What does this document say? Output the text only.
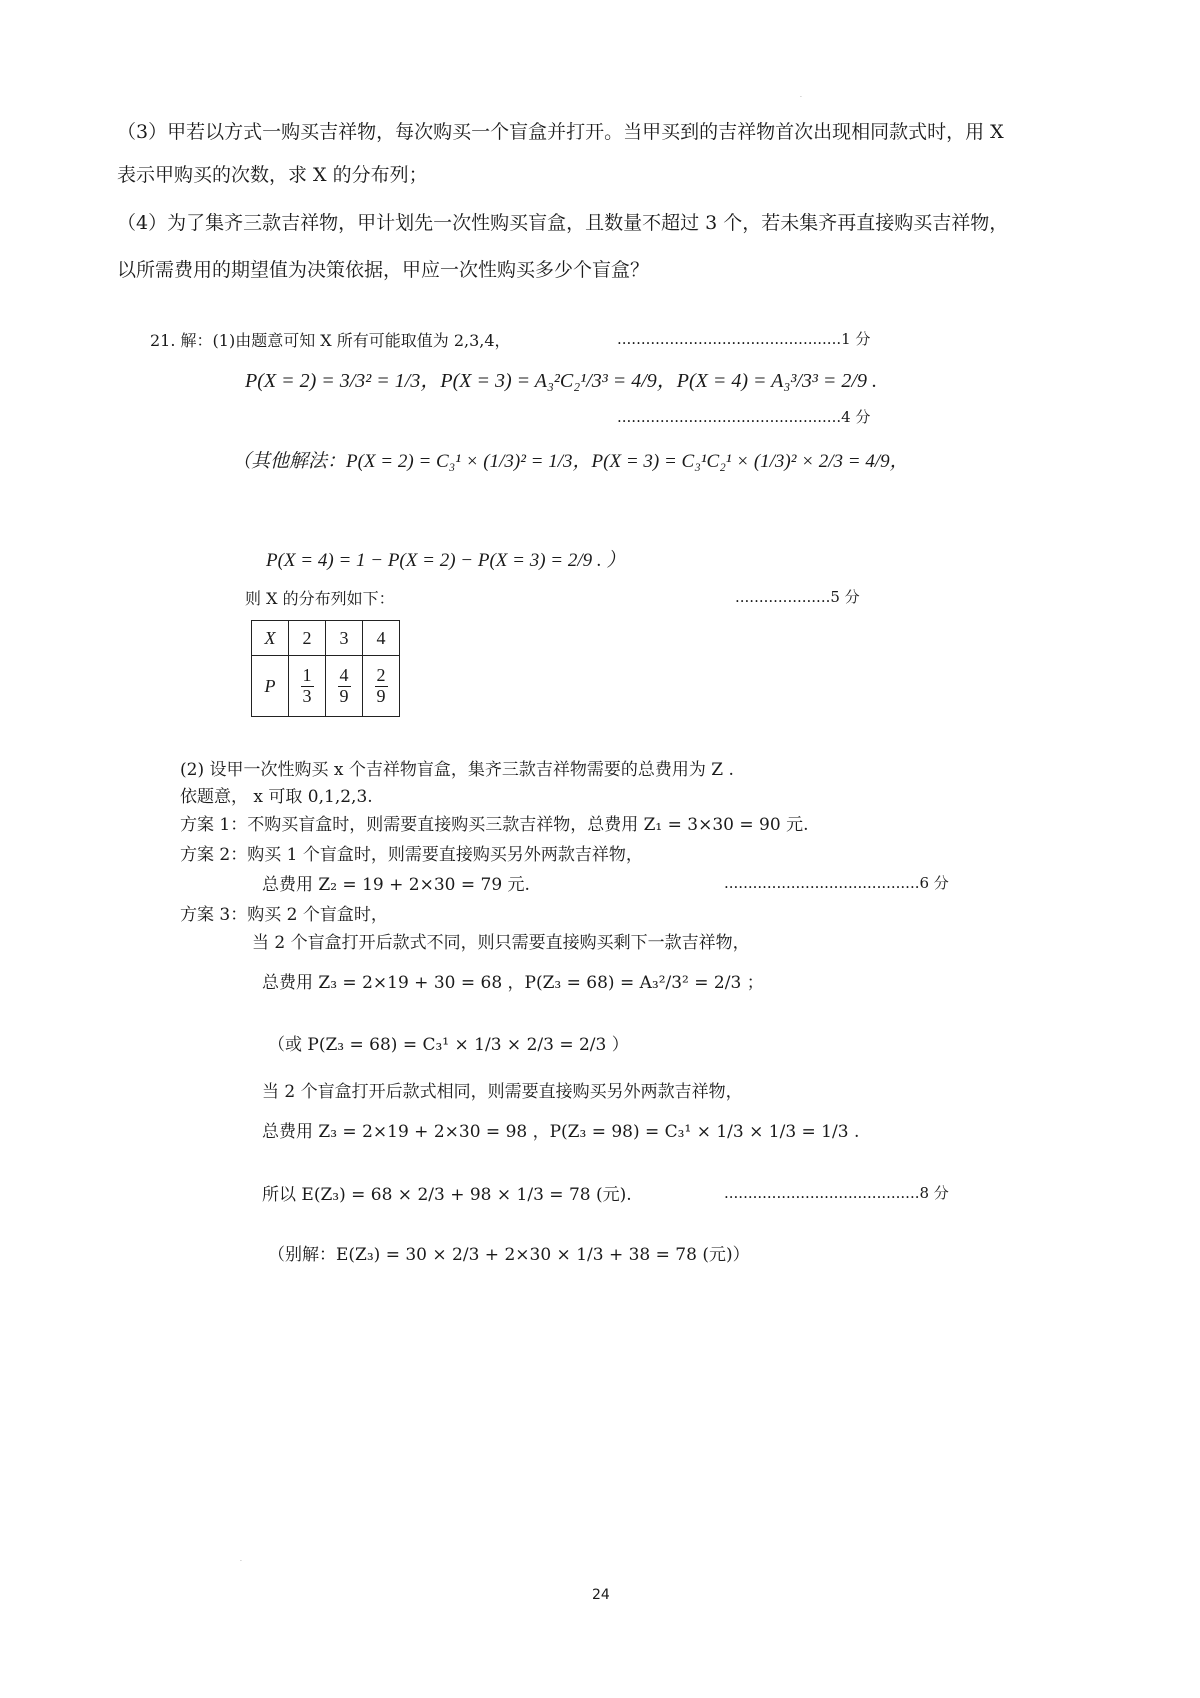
·
·
（3）甲若以方式一购买吉祥物，每次购买一个盲盒并打开。当甲买到的吉祥物首次出现相同款式时，用 X
表示甲购买的次数，求 X 的分布列；
（4）为了集齐三款吉祥物，甲计划先一次性购买盲盒，且数量不超过 3 个，若未集齐再直接购买吉祥物，
以所需费用的期望值为决策依据，甲应一次性购买多少个盲盒？
21. 解：(1)由题意可知 X 所有可能取值为 2,3,4，	...............................................1 分
P(X = 2) = 3/3² = 1/3，P(X = 3) = A₃²C₂¹/3³ = 4/9，P(X = 4) = A₃³/3³ = 2/9 .
...............................................4 分
（其他解法：P(X = 2) = C₃¹ × (1/3)² = 1/3，P(X = 3) = C₃¹C₂¹ × (1/3)² × 2/3 = 4/9，
P(X = 4) = 1 − P(X = 2) − P(X = 3) = 2/9 . ）
则 X 的分布列如下：	....................5 分
X	2	3	4
P	$\frac{1}{3}$	$\frac{4}{9}$	$\frac{2}{9}$
(2) 设甲一次性购买 x 个吉祥物盲盒，集齐三款吉祥物需要的总费用为 Z .
依题意， x 可取 0,1,2,3.
方案 1：不购买盲盒时，则需要直接购买三款吉祥物，总费用 Z₁ = 3×30 = 90 元.
方案 2：购买 1 个盲盒时，则需要直接购买另外两款吉祥物，
总费用 Z₂ = 19 + 2×30 = 79 元.	.........................................6 分
方案 3：购买 2 个盲盒时，
当 2 个盲盒打开后款式不同，则只需要直接购买剩下一款吉祥物，
总费用 Z₃ = 2×19 + 30 = 68 ，P(Z₃ = 68) = A₃²/3² = 2/3 ；
（或 P(Z₃ = 68) = C₃¹ × 1/3 × 2/3 = 2/3 ）
当 2 个盲盒打开后款式相同，则需要直接购买另外两款吉祥物，
总费用 Z₃ = 2×19 + 2×30 = 98 ，P(Z₃ = 98) = C₃¹ × 1/3 × 1/3 = 1/3 .
所以 E(Z₃) = 68 × 2/3 + 98 × 1/3 = 78 (元).	.........................................8 分
（别解：E(Z₃) = 30 × 2/3 + 2×30 × 1/3 + 38 = 78 (元)）
24
